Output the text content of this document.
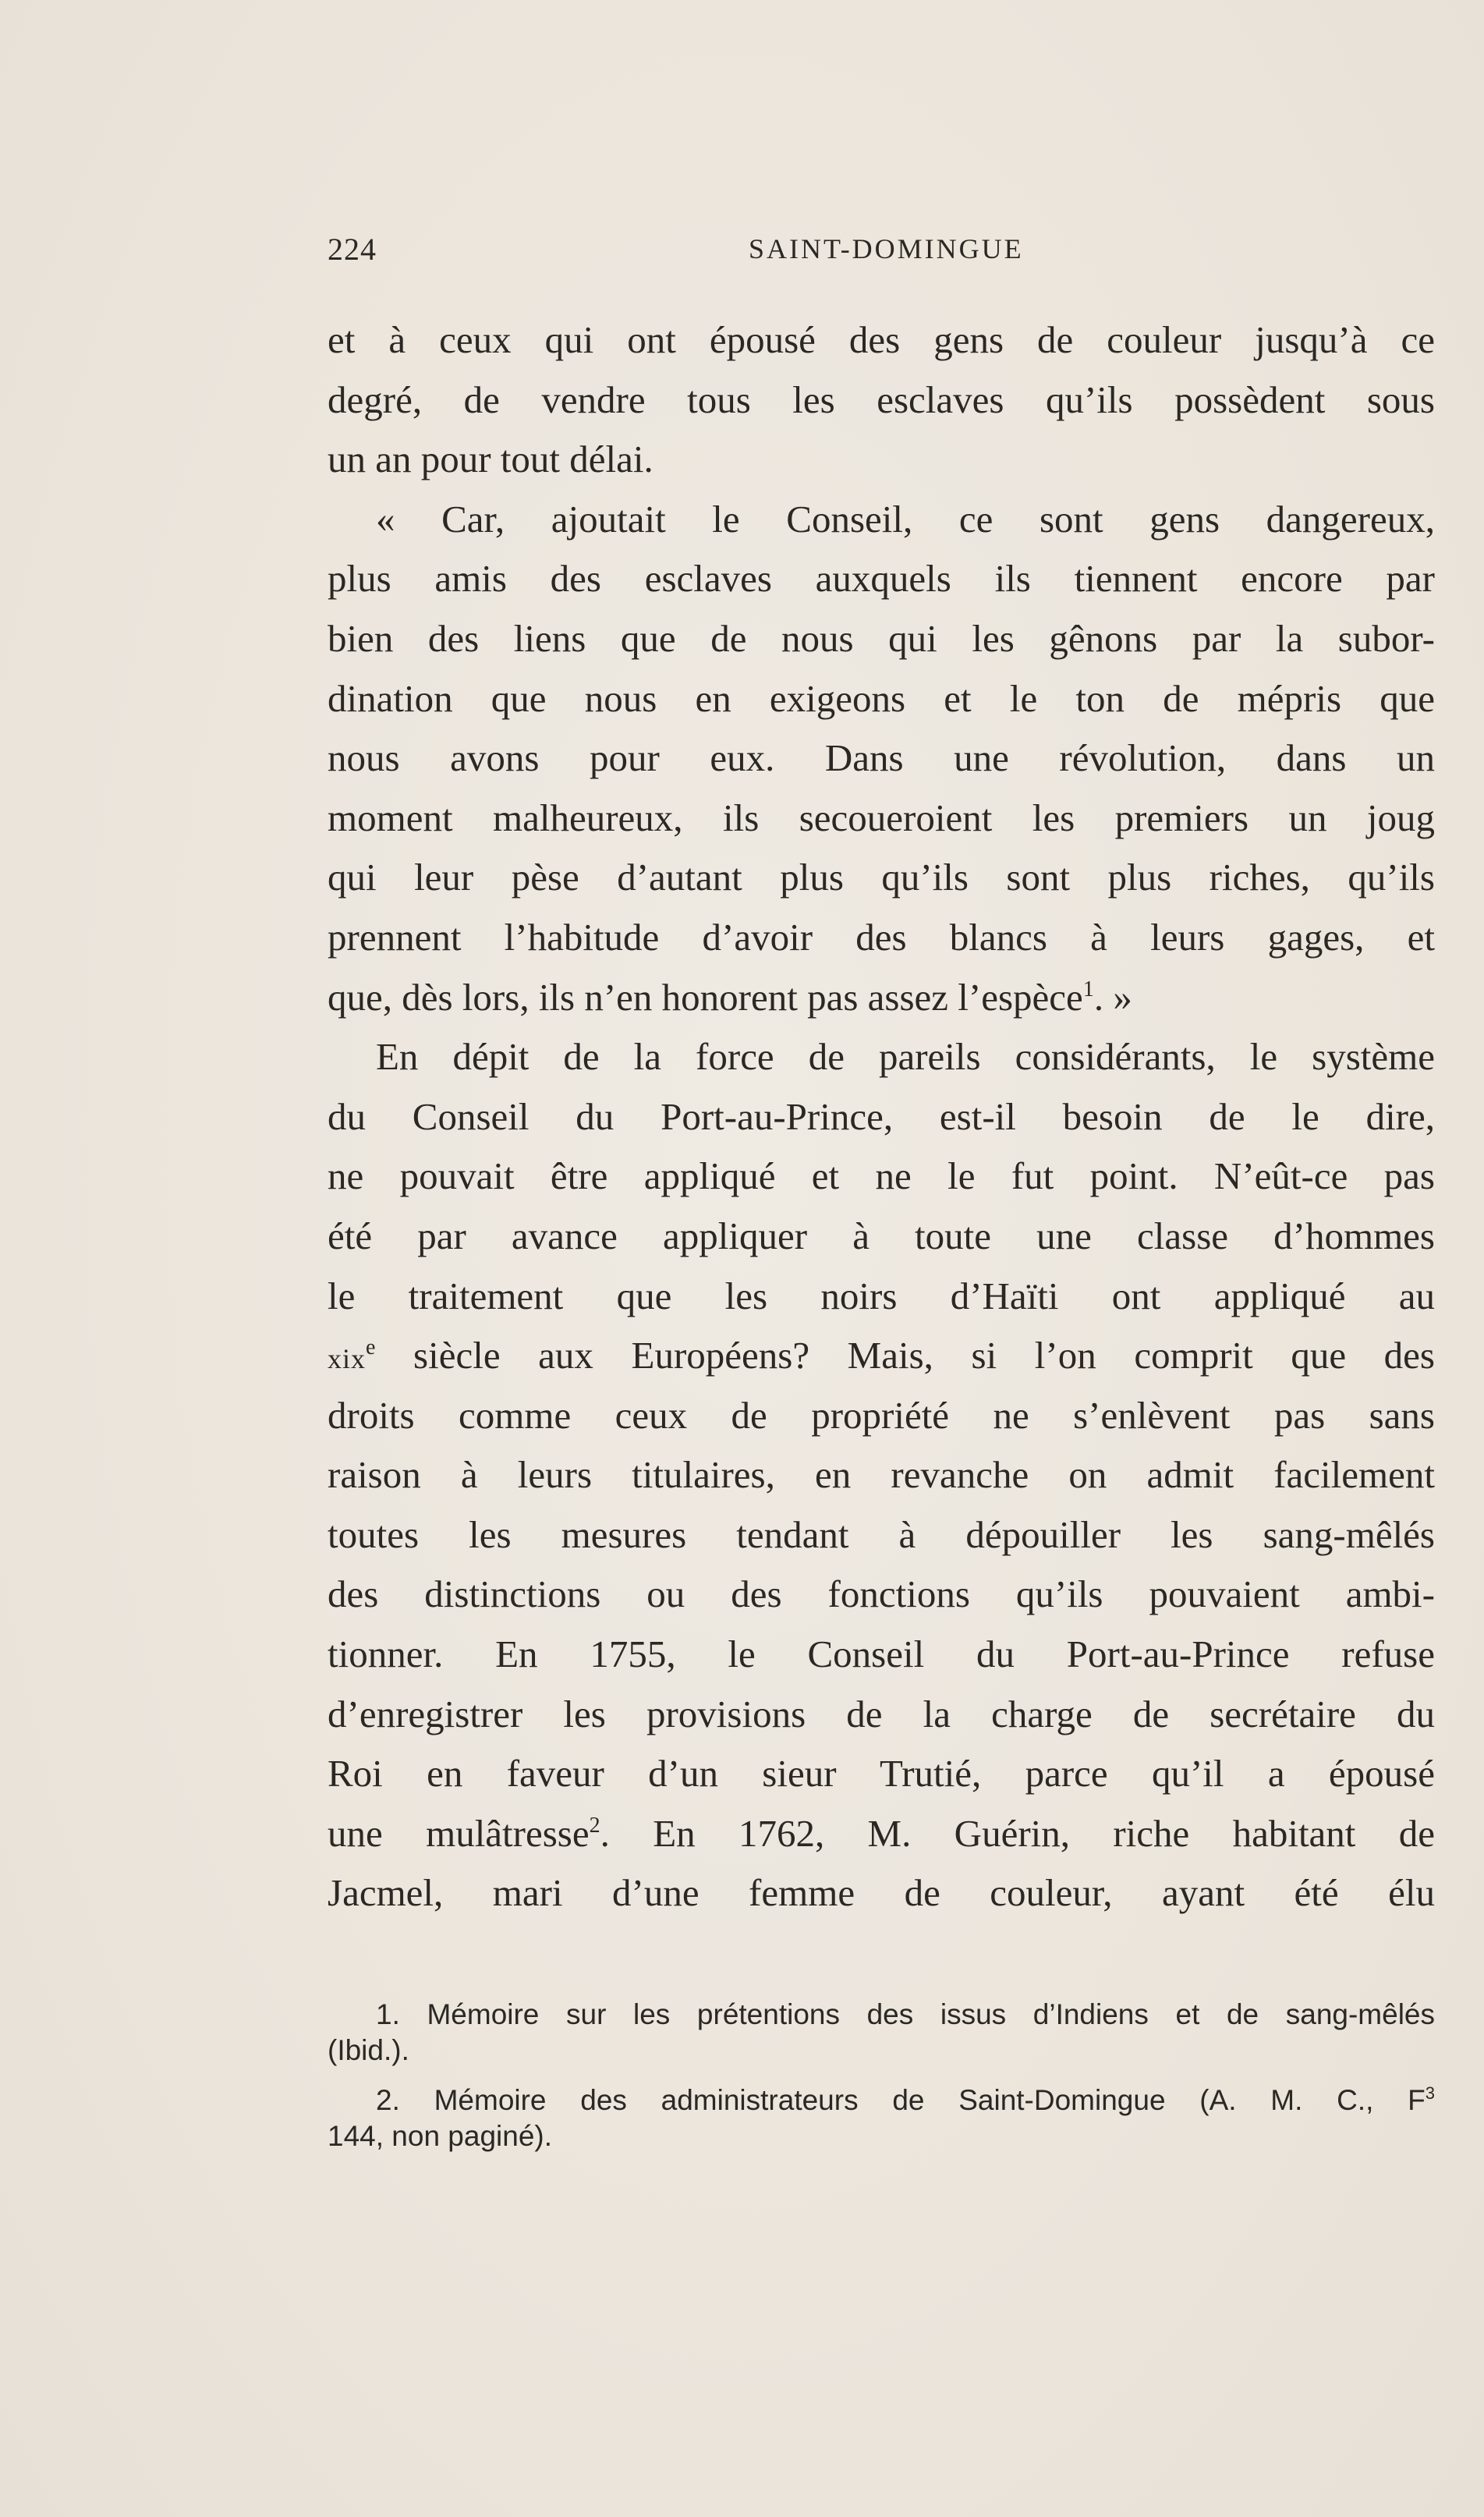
224	SAINT-DOMINGUE
et à ceux qui ont épousé des gens de couleur jusqu’à ce
degré, de vendre tous les esclaves qu’ils possèdent sous
un an pour tout délai.
« Car, ajoutait le Conseil, ce sont gens dangereux,
plus amis des esclaves auxquels ils tiennent encore par
bien des liens que de nous qui les gênons par la subor-
dination que nous en exigeons et le ton de mépris que
nous avons pour eux. Dans une révolution, dans un
moment malheureux, ils secoueroient les premiers un joug
qui leur pèse d’autant plus qu’ils sont plus riches, qu’ils
prennent l’habitude d’avoir des blancs à leurs gages, et
que, dès lors, ils n’en honorent pas assez l’espèce$^1$. »
En dépit de la force de pareils considérants, le système
du Conseil du Port-au-Prince, est-il besoin de le dire,
ne pouvait être appliqué et ne le fut point. N’eût-ce pas
été par avance appliquer à toute une classe d’hommes
le traitement que les noirs d’Haïti ont appliqué au
xix$^e$ siècle aux Européens? Mais, si l’on comprit que des
droits comme ceux de propriété ne s’enlèvent pas sans
raison à leurs titulaires, en revanche on admit facilement
toutes les mesures tendant à dépouiller les sang-mêlés
des distinctions ou des fonctions qu’ils pouvaient ambi-
tionner. En 1755, le Conseil du Port-au-Prince refuse
d’enregistrer les provisions de la charge de secrétaire du
Roi en faveur d’un sieur Trutié, parce qu’il a épousé
une mulâtresse$^2$. En 1762, M. Guérin, riche habitant de
Jacmel, mari d’une femme de couleur, ayant été élu
1. Mémoire sur les prétentions des issus d’Indiens et de sang-mêlés
(Ibid.).
2. Mémoire des administrateurs de Saint-Domingue (A. M. C., $F^3$
144, non paginé).
